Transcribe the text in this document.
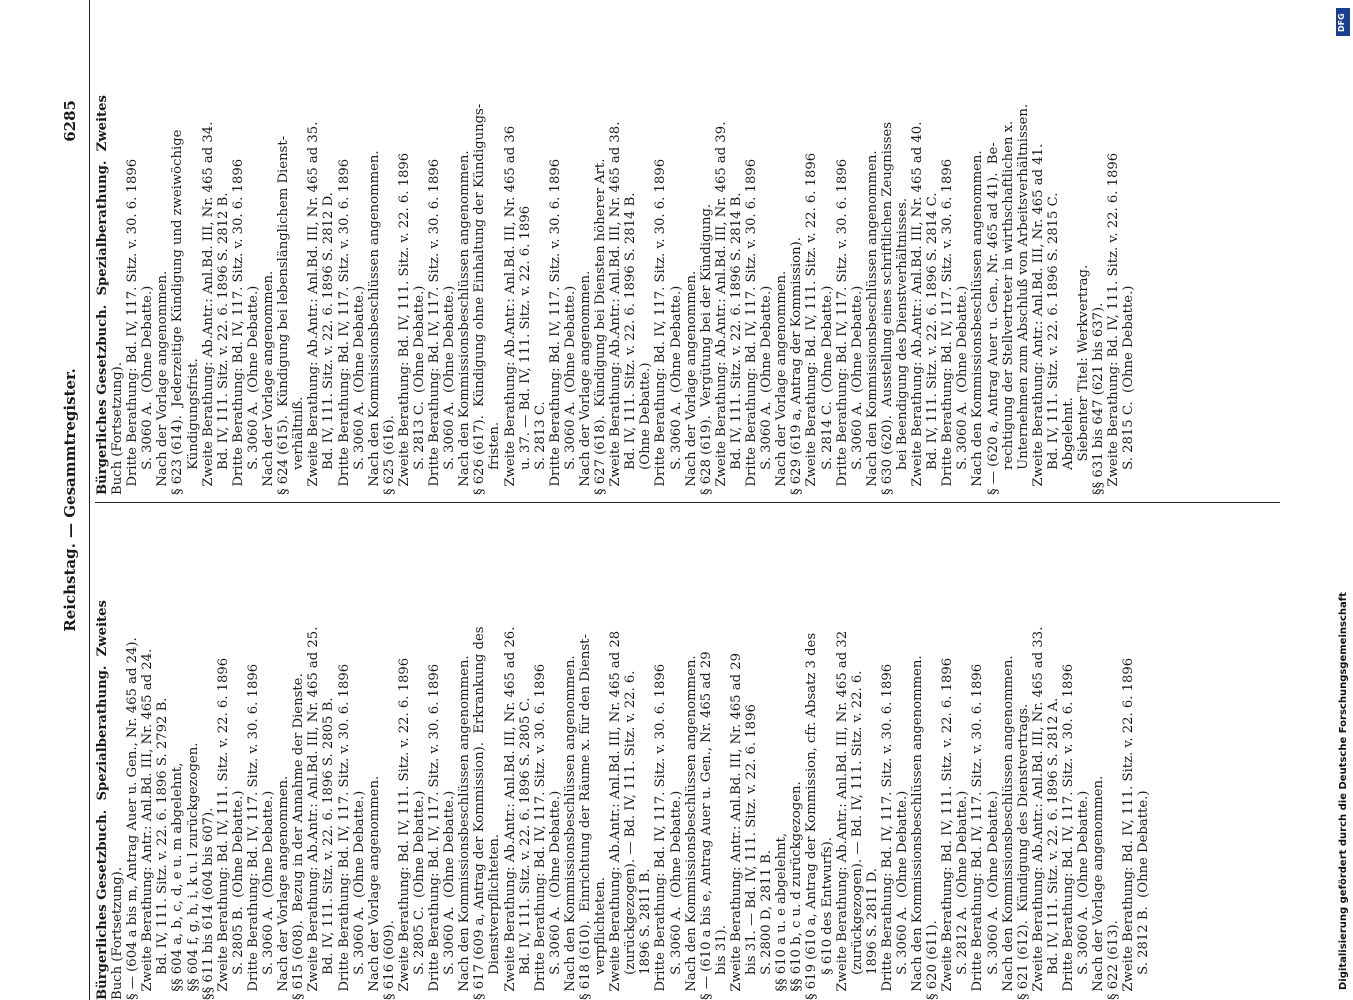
Reichstag. — Gesammtregister.
6285

Bürgerliches Gesetzbuch.  Spezialberathung.  Zweites Buch (Fortsetzung). § — (604 a bis m, Antrag Auer u. Gen., Nr. 465 ad 24). Zweite Berathung: Antr.: Anl.Bd. III, Nr. 465 ad 24. Bd. IV, 111. Sitz. v. 22. 6. 1896 S. 2792 B. §§ 604 a, b, c, d, e u. m abgelehnt, §§ 604 f, g, h, i, k u. l zurückgezogen. §§ 611 bis 614 (604 bis 607). Zweite Berathung: Bd. IV, 111. Sitz. v. 22. 6. 1896 S. 2805 B.  (Ohne Debatte.) Dritte Berathung: Bd. IV, 117. Sitz. v. 30. 6. 1896 S. 3060 A.  (Ohne Debatte.) Nach der Vorlage angenommen. § 615 (608).  Bezug in der Annahme der Dienste. Zweite Berathung: Ab.Antr.: Anl.Bd. III, Nr. 465 ad 25. Bd. IV, 111. Sitz. v. 22. 6. 1896 S. 2805 B. Dritte Berathung: Bd. IV, 117. Sitz. v. 30. 6. 1896 S. 3060 A.  (Ohne Debatte.) Nach der Vorlage angenommen. § 616 (609). Zweite Berathung: Bd. IV, 111. Sitz. v. 22. 6. 1896 S. 2805 C.  (Ohne Debatte.) Dritte Berathung: Bd. IV, 117. Sitz. v. 30. 6. 1896 S. 3060 A.  (Ohne Debatte.) Nach den Kommissionsbeschlüssen angenommen. § 617 (609 a, Antrag der Kommission).  Erkrankung des Dienstverpflichteten. Zweite Berathung: Ab.Antr.: Anl.Bd. III, Nr. 465 ad 26. Bd. IV, 111. Sitz. v. 22. 6. 1896 S. 2805 C. Dritte Berathung: Bd. IV, 117. Sitz. v. 30. 6. 1896 S. 3060 A.  (Ohne Debatte.) Nach den Kommissionsbeschlüssen angenommen. § 618 (610).  Einrichtung der Räume x. für den Dienst- verpflichteten. Zweite Berathung: Ab.Antr.: Anl.Bd. III, Nr. 465 ad 28 (zurückgezogen). — Bd. IV, 111. Sitz. v. 22. 6. 1896 S. 2811 B. Dritte Berathung: Bd. IV, 117. Sitz. v. 30. 6. 1896 S. 3060 A.  (Ohne Debatte.) Nach den Kommissionsbeschlüssen angenommen. § — (610 a bis e, Antrag Auer u. Gen., Nr. 465 ad 29 bis 31). Zweite Berathung: Antr.: Anl.Bd. III, Nr. 465 ad 29 bis 31. — Bd. IV, 111. Sitz. v. 22. 6. 1896 S. 2800 D, 2811 B. §§ 610 a u. e abgelehnt, §§ 610 b, c u. d zurückgezogen. § 619 (610 a, Antrag der Kommission, cfr. Absatz 3 des § 610 des Entwurfs). Zweite Berathung: Ab.Antr.: Anl.Bd. III, Nr. 465 ad 32 (zurückgezogen). — Bd. IV, 111. Sitz. v. 22. 6. 1896 S. 2811 D. Dritte Berathung: Bd. IV, 117. Sitz. v. 30. 6. 1896 S. 3060 A.  (Ohne Debatte.) Nach den Kommissionsbeschlüssen angenommen. § 620 (611). Zweite Berathung: Bd. IV, 111. Sitz. v. 22. 6. 1896 S. 2812 A.  (Ohne Debatte.) Dritte Berathung: Bd. IV, 117. Sitz. v. 30. 6. 1896 S. 3060 A.  (Ohne Debatte.) Nach den Kommissionsbeschlüssen angenommen. § 621 (612).  Kündigung des Dienstvertrags. Zweite Berathung: Ab.Antr.: Anl.Bd. III, Nr. 465 ad 33. Bd. IV, 111. Sitz. v. 22. 6. 1896 S. 2812 A. Dritte Berathung: Bd. IV, 117. Sitz. v. 30. 6. 1896 S. 3060 A.  (Ohne Debatte.) Nach der Vorlage angenommen. § 622 (613). Zweite Berathung: Bd. IV, 111. Sitz. v. 22. 6. 1896 S. 2812 B.  (Ohne Debatte.)

Bürgerliches Gesetzbuch.  Spezialberathung.  Zweites Buch (Fortsetzung). Dritte Berathung: Bd. IV, 117. Sitz. v. 30. 6. 1896 S. 3060 A.  (Ohne Debatte.) Nach der Vorlage angenommen. § 623 (614).  Jederzeitige Kündigung und zweiwöchige Kündigungsfrist. Zweite Berathung: Ab.Antr.: Anl.Bd. III, Nr. 465 ad 34. Bd. IV, 111. Sitz. v. 22. 6. 1896 S. 2812 B. Dritte Berathung: Bd. IV, 117. Sitz. v. 30. 6. 1896 S. 3060 A.  (Ohne Debatte.) Nach der Vorlage angenommen. § 624 (615).  Kündigung bei lebenslänglichem Dienst- verhältniß. Zweite Berathung: Ab.Antr.: Anl.Bd. III, Nr. 465 ad 35. Bd. IV, 111. Sitz. v. 22. 6. 1896 S. 2812 D. Dritte Berathung: Bd. IV, 117. Sitz. v. 30. 6. 1896 S. 3060 A.  (Ohne Debatte.) Nach den Kommissionsbeschlüssen angenommen. § 625 (616). Zweite Berathung: Bd. IV, 111. Sitz. v. 22. 6. 1896 S. 2813 C.  (Ohne Debatte.) Dritte Berathung: Bd. IV, 117. Sitz. v. 30. 6. 1896 S. 3060 A.  (Ohne Debatte.) Nach den Kommissionsbeschlüssen angenommen. § 626 (617).  Kündigung ohne Einhaltung der Kündigungs- fristen. Zweite Berathung: Ab.Antr.: Anl.Bd. III, Nr. 465 ad 36 u. 37. — Bd. IV, 111. Sitz. v. 22. 6. 1896 S. 2813 C. Dritte Berathung: Bd. IV, 117. Sitz. v. 30. 6. 1896 S. 3060 A.  (Ohne Debatte.) Nach der Vorlage angenommen. § 627 (618).  Kündigung bei Diensten höherer Art. Zweite Berathung: Ab.Antr.: Anl.Bd. III, Nr. 465 ad 38. Bd. IV, 111. Sitz. v. 22. 6. 1896 S. 2814 B. (Ohne Debatte.) Dritte Berathung: Bd. IV, 117. Sitz. v. 30. 6. 1896 S. 3060 A.  (Ohne Debatte.) Nach der Vorlage angenommen. § 628 (619).  Vergütung bei der Kündigung. Zweite Berathung: Ab.Antr.: Anl.Bd. III, Nr. 465 ad 39. Bd. IV, 111. Sitz. v. 22. 6. 1896 S. 2814 B. Dritte Berathung: Bd. IV, 117. Sitz. v. 30. 6. 1896 S. 3060 A.  (Ohne Debatte.) Nach der Vorlage angenommen. § 629 (619 a, Antrag der Kommission). Zweite Berathung: Bd. IV, 111. Sitz. v. 22. 6. 1896 S. 2814 C.  (Ohne Debatte.) Dritte Berathung: Bd. IV, 117. Sitz. v. 30. 6. 1896 S. 3060 A.  (Ohne Debatte.) Nach den Kommissionsbeschlüssen angenommen. § 630 (620).  Ausstellung eines schriftlichen Zeugnisses bei Beendigung des Dienstverhältnisses. Zweite Berathung: Ab.Antr.: Anl.Bd. III, Nr. 465 ad 40. Bd. IV, 111. Sitz. v. 22. 6. 1896 S. 2814 C. Dritte Berathung: Bd. IV, 117. Sitz. v. 30. 6. 1896 S. 3060 A.  (Ohne Debatte.) Nach den Kommissionsbeschlüssen angenommen. § — (620 a, Antrag Auer u. Gen., Nr. 465 ad 41).  Be- rechtigung der Stellvertreter in wirthschaftlichen x. Unternehmen zum Abschluß von Arbeitsverhältnissen. Zweite Berathung: Antr.: Anl.Bd. III, Nr. 465 ad 41. Bd. IV, 111. Sitz. v. 22. 6. 1896 S. 2815 C. Abgelehnt. Siebenter Titel: Werkvertrag. §§ 631 bis 647 (621 bis 637). Zweite Berathung: Bd. IV, 111. Sitz. v. 22. 6. 1896 S. 2815 C.  (Ohne Debatte.)

Digitalisierung gefördert durch die Deutsche Forschungsgemeinschaft
DFG
